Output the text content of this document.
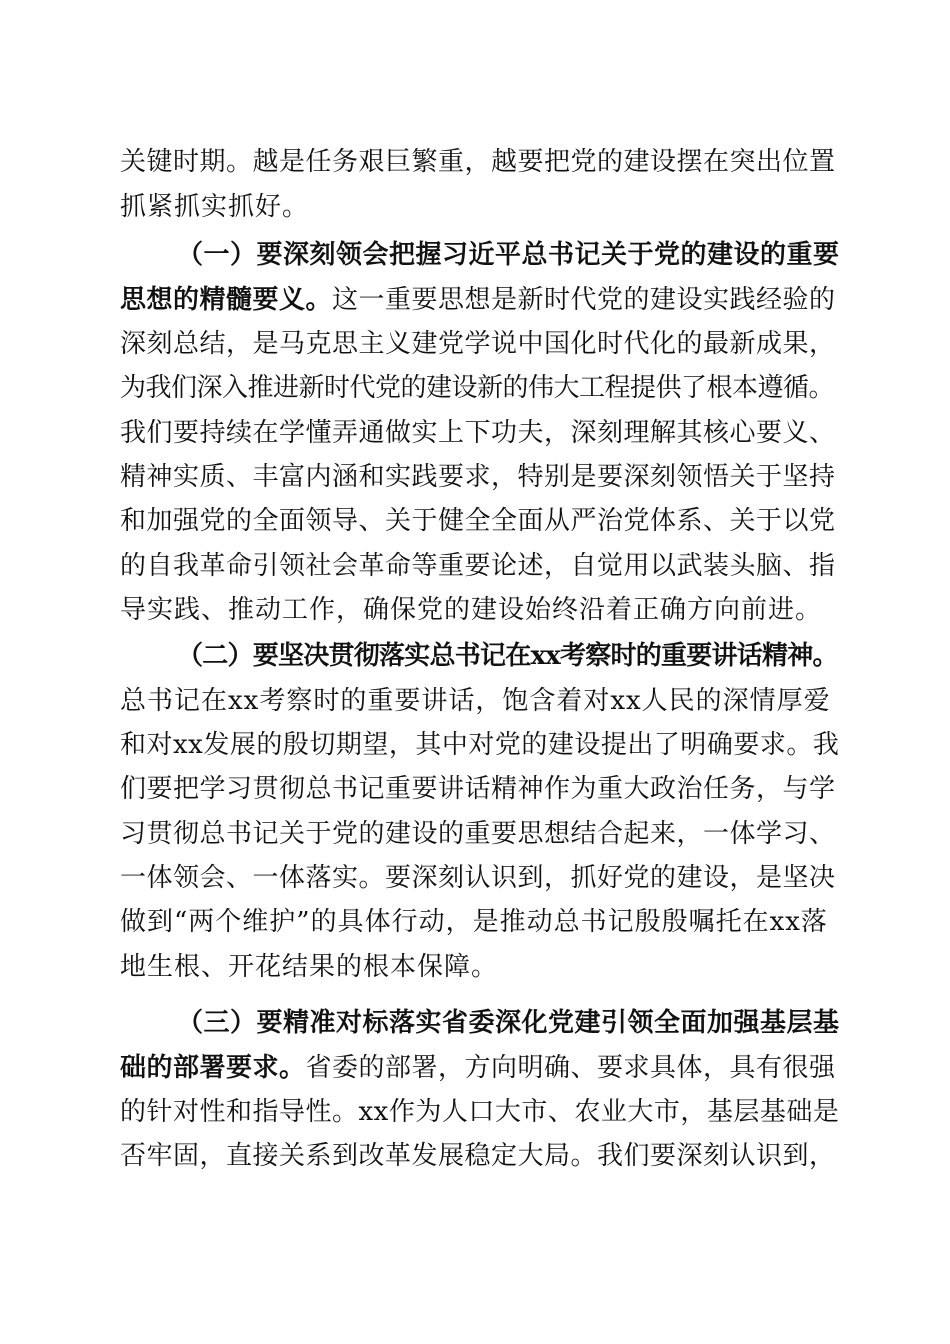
关键时期。越是任务艰巨繁重，越要把党的建设摆在突出位置
抓紧抓实抓好。
（一）要深刻领会把握习近平总书记关于党的建设的重要
思想的精髓要义。这一重要思想是新时代党的建设实践经验的
深刻总结，是马克思主义建党学说中国化时代化的最新成果，
为我们深入推进新时代党的建设新的伟大工程提供了根本遵循。
我们要持续在学懂弄通做实上下功夫，深刻理解其核心要义、
精神实质、丰富内涵和实践要求，特别是要深刻领悟关于坚持
和加强党的全面领导、关于健全全面从严治党体系、关于以党
的自我革命引领社会革命等重要论述，自觉用以武装头脑、指
导实践、推动工作，确保党的建设始终沿着正确方向前进。
（二）要坚决贯彻落实总书记在xx考察时的重要讲话精神。
总书记在xx考察时的重要讲话，饱含着对xx人民的深情厚爱
和对xx发展的殷切期望，其中对党的建设提出了明确要求。我
们要把学习贯彻总书记重要讲话精神作为重大政治任务，与学
习贯彻总书记关于党的建设的重要思想结合起来，一体学习、
一体领会、一体落实。要深刻认识到，抓好党的建设，是坚决
做到“两个维护”的具体行动，是推动总书记殷殷嘱托在xx落
地生根、开花结果的根本保障。
（三）要精准对标落实省委深化党建引领全面加强基层基
础的部署要求。省委的部署，方向明确、要求具体，具有很强
的针对性和指导性。xx作为人口大市、农业大市，基层基础是
否牢固，直接关系到改革发展稳定大局。我们要深刻认识到，
